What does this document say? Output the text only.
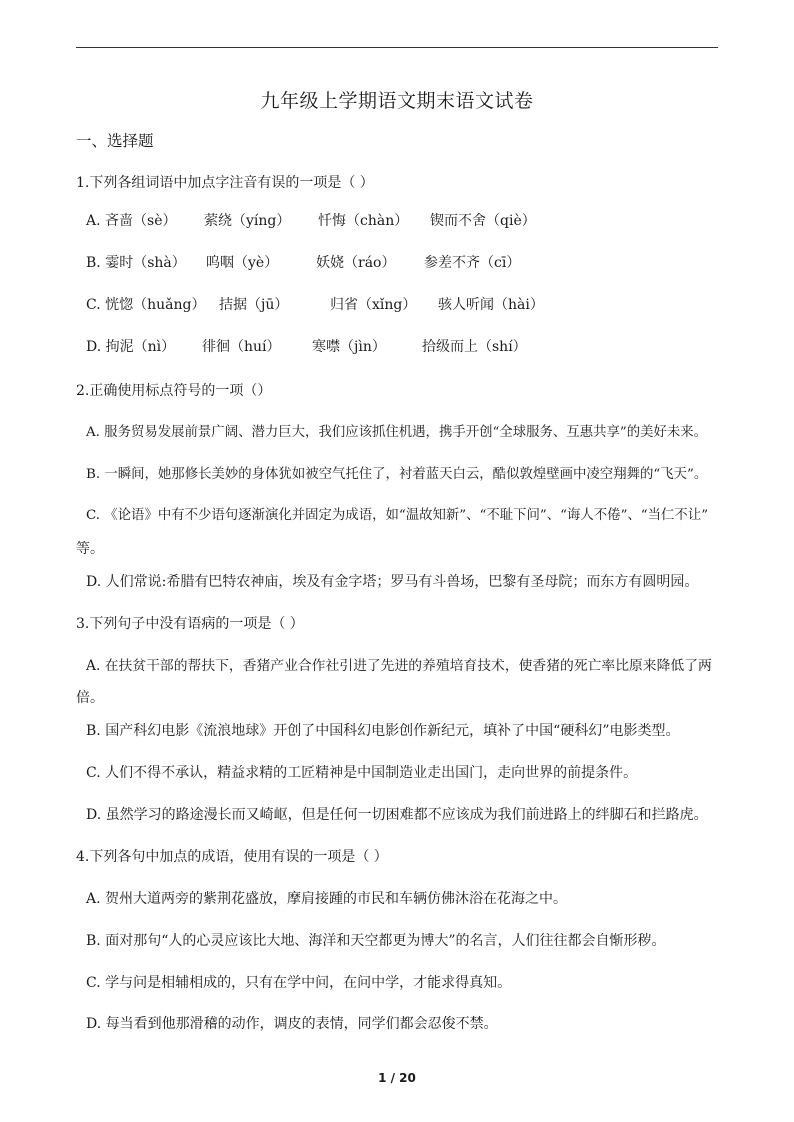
九年级上学期语文期末语文试卷
一、选择题
1.下列各组词语中加点字注音有误的一项是（ ）
A. 吝啬（sè） 萦绕（yíng） 忏悔（chàn） 锲而不舍（qiè）
B. 霎时（shà） 呜咽（yè）	妖娆（ráo） 参差不齐（cī）
C. 恍惚（huǎng） 拮据（jū）	归省（xǐng） 骇人听闻（hài）
D. 拘泥（nì） 徘徊（huí） 寒噤（jìn）	拾级而上（shí）
2.正确使用标点符号的一项（）
A. 服务贸易发展前景广阔、潜力巨大，我们应该抓住机遇，携手开创“全球服务、互惠共享”的美好未来。
B. 一瞬间，她那修长美妙的身体犹如被空气托住了，衬着蓝天白云，酷似敦煌壁画中凌空翔舞的“飞天”。
C. 《论语》中有不少语句逐渐演化并固定为成语，如“温故知新”、“不耻下问”、“诲人不倦”、“当仁不让”
等。
D. 人们常说:希腊有巴特农神庙，埃及有金字塔；罗马有斗兽场，巴黎有圣母院；而东方有圆明园。
3.下列句子中没有语病的一项是（ ）
A. 在扶贫干部的帮扶下，香猪产业合作社引进了先进的养殖培育技术，使香猪的死亡率比原来降低了两
倍。
B. 国产科幻电影《流浪地球》开创了中国科幻电影创作新纪元，填补了中国“硬科幻”电影类型。
C. 人们不得不承认，精益求精的工匠精神是中国制造业走出国门，走向世界的前提条件。
D. 虽然学习的路途漫长而又崎岖，但是任何一切困难都不应该成为我们前进路上的绊脚石和拦路虎。
4.下列各句中加点的成语，使用有误的一项是（ ）
A. 贺州大道两旁的紫荆花盛放，摩肩接踵的市民和车辆仿佛沐浴在花海之中。
B. 面对那句“人的心灵应该比大地、海洋和天空都更为博大”的名言，人们往往都会自惭形秽。
C. 学与问是相辅相成的，只有在学中问，在问中学，才能求得真知。
D. 每当看到他那滑稽的动作，调皮的表情，同学们都会忍俊不禁。
1 / 20
